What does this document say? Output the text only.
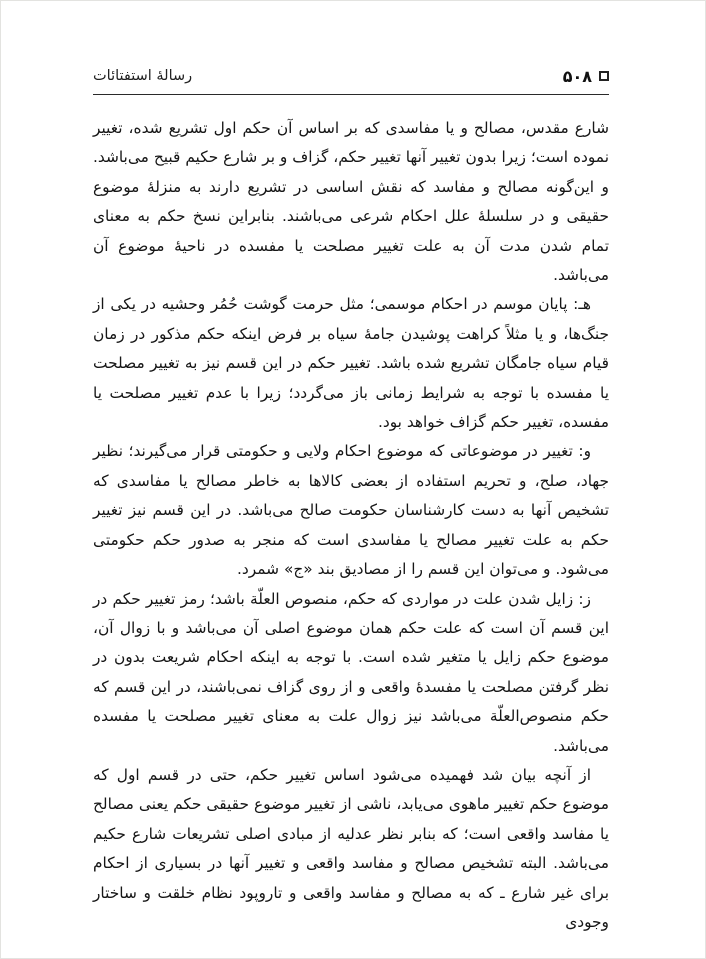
رسالهٔ استفتائات	۵۰۸

شارع مقدس، مصالح و یا مفاسدی که بر اساس آن حکم اول تشریع شده، تغییر نموده است؛ زیرا بدون تغییر آنها تغییر حکم، گزاف و بر شارع حکیم قبیح می‌باشد. و این‌گونه مصالح و مفاسد که نقش اساسی در تشریع دارند به منزلهٔ موضوع حقیقی و در سلسلهٔ علل احکام شرعی می‌باشند. بنابراین نسخ حکم به معنای تمام شدن مدت آن به علت تغییر مصلحت یا مفسده در ناحیهٔ موضوع آن می‌باشد.

هـ: پایان موسم در احکام موسمی؛ مثل حرمت گوشت حُمُر وحشیه در یکی از جنگ‌ها، و یا مثلاً کراهت پوشیدن جامهٔ سیاه بر فرض اینکه حکم مذکور در زمان قیام سیاه جامگان تشریع شده باشد. تغییر حکم در این قسم نیز به تغییر مصلحت یا مفسده با توجه به شرایط زمانی باز می‌گردد؛ زیرا با عدم تغییر مصلحت یا مفسده، تغییر حکم گزاف خواهد بود.

و: تغییر در موضوعاتی که موضوع احکام ولایی و حکومتی قرار می‌گیرند؛ نظیر جهاد، صلح، و تحریم استفاده از بعضی کالاها به خاطر مصالح یا مفاسدی که تشخیص آنها به دست کارشناسان حکومت صالح می‌باشد. در این قسم نیز تغییر حکم به علت تغییر مصالح یا مفاسدی است که منجر به صدور حکم حکومتی می‌شود. و می‌توان این قسم را از مصادیق بند «ج» شمرد.

ز: زایل شدن علت در مواردی که حکم، منصوص العلّة باشد؛ رمز تغییر حکم در این قسم آن است که علت حکم همان موضوع اصلی آن می‌باشد و با زوال آن، موضوع حکم زایل یا متغیر شده است. با توجه به اینکه احکام شریعت بدون در نظر گرفتن مصلحت یا مفسدهٔ واقعی و از روی گزاف نمی‌باشند، در این قسم که حکم منصوص‌العلّة می‌باشد نیز زوال علت به معنای تغییر مصلحت یا مفسده می‌باشد.

از آنچه بیان شد فهمیده می‌شود اساس تغییر حکم، حتی در قسم اول که موضوع حکم تغییر ماهوی می‌یابد، ناشی از تغییر موضوع حقیقی حکم یعنی مصالح یا مفاسد واقعی است؛ که بنابر نظر عدلیه از مبادی اصلی تشریعات شارع حکیم می‌باشد. البته تشخیص مصالح و مفاسد واقعی و تغییر آنها در بسیاری از احکام برای غیر شارع ـ که به مصالح و مفاسد واقعی و تاروپود نظام خلقت و ساختار وجودی
